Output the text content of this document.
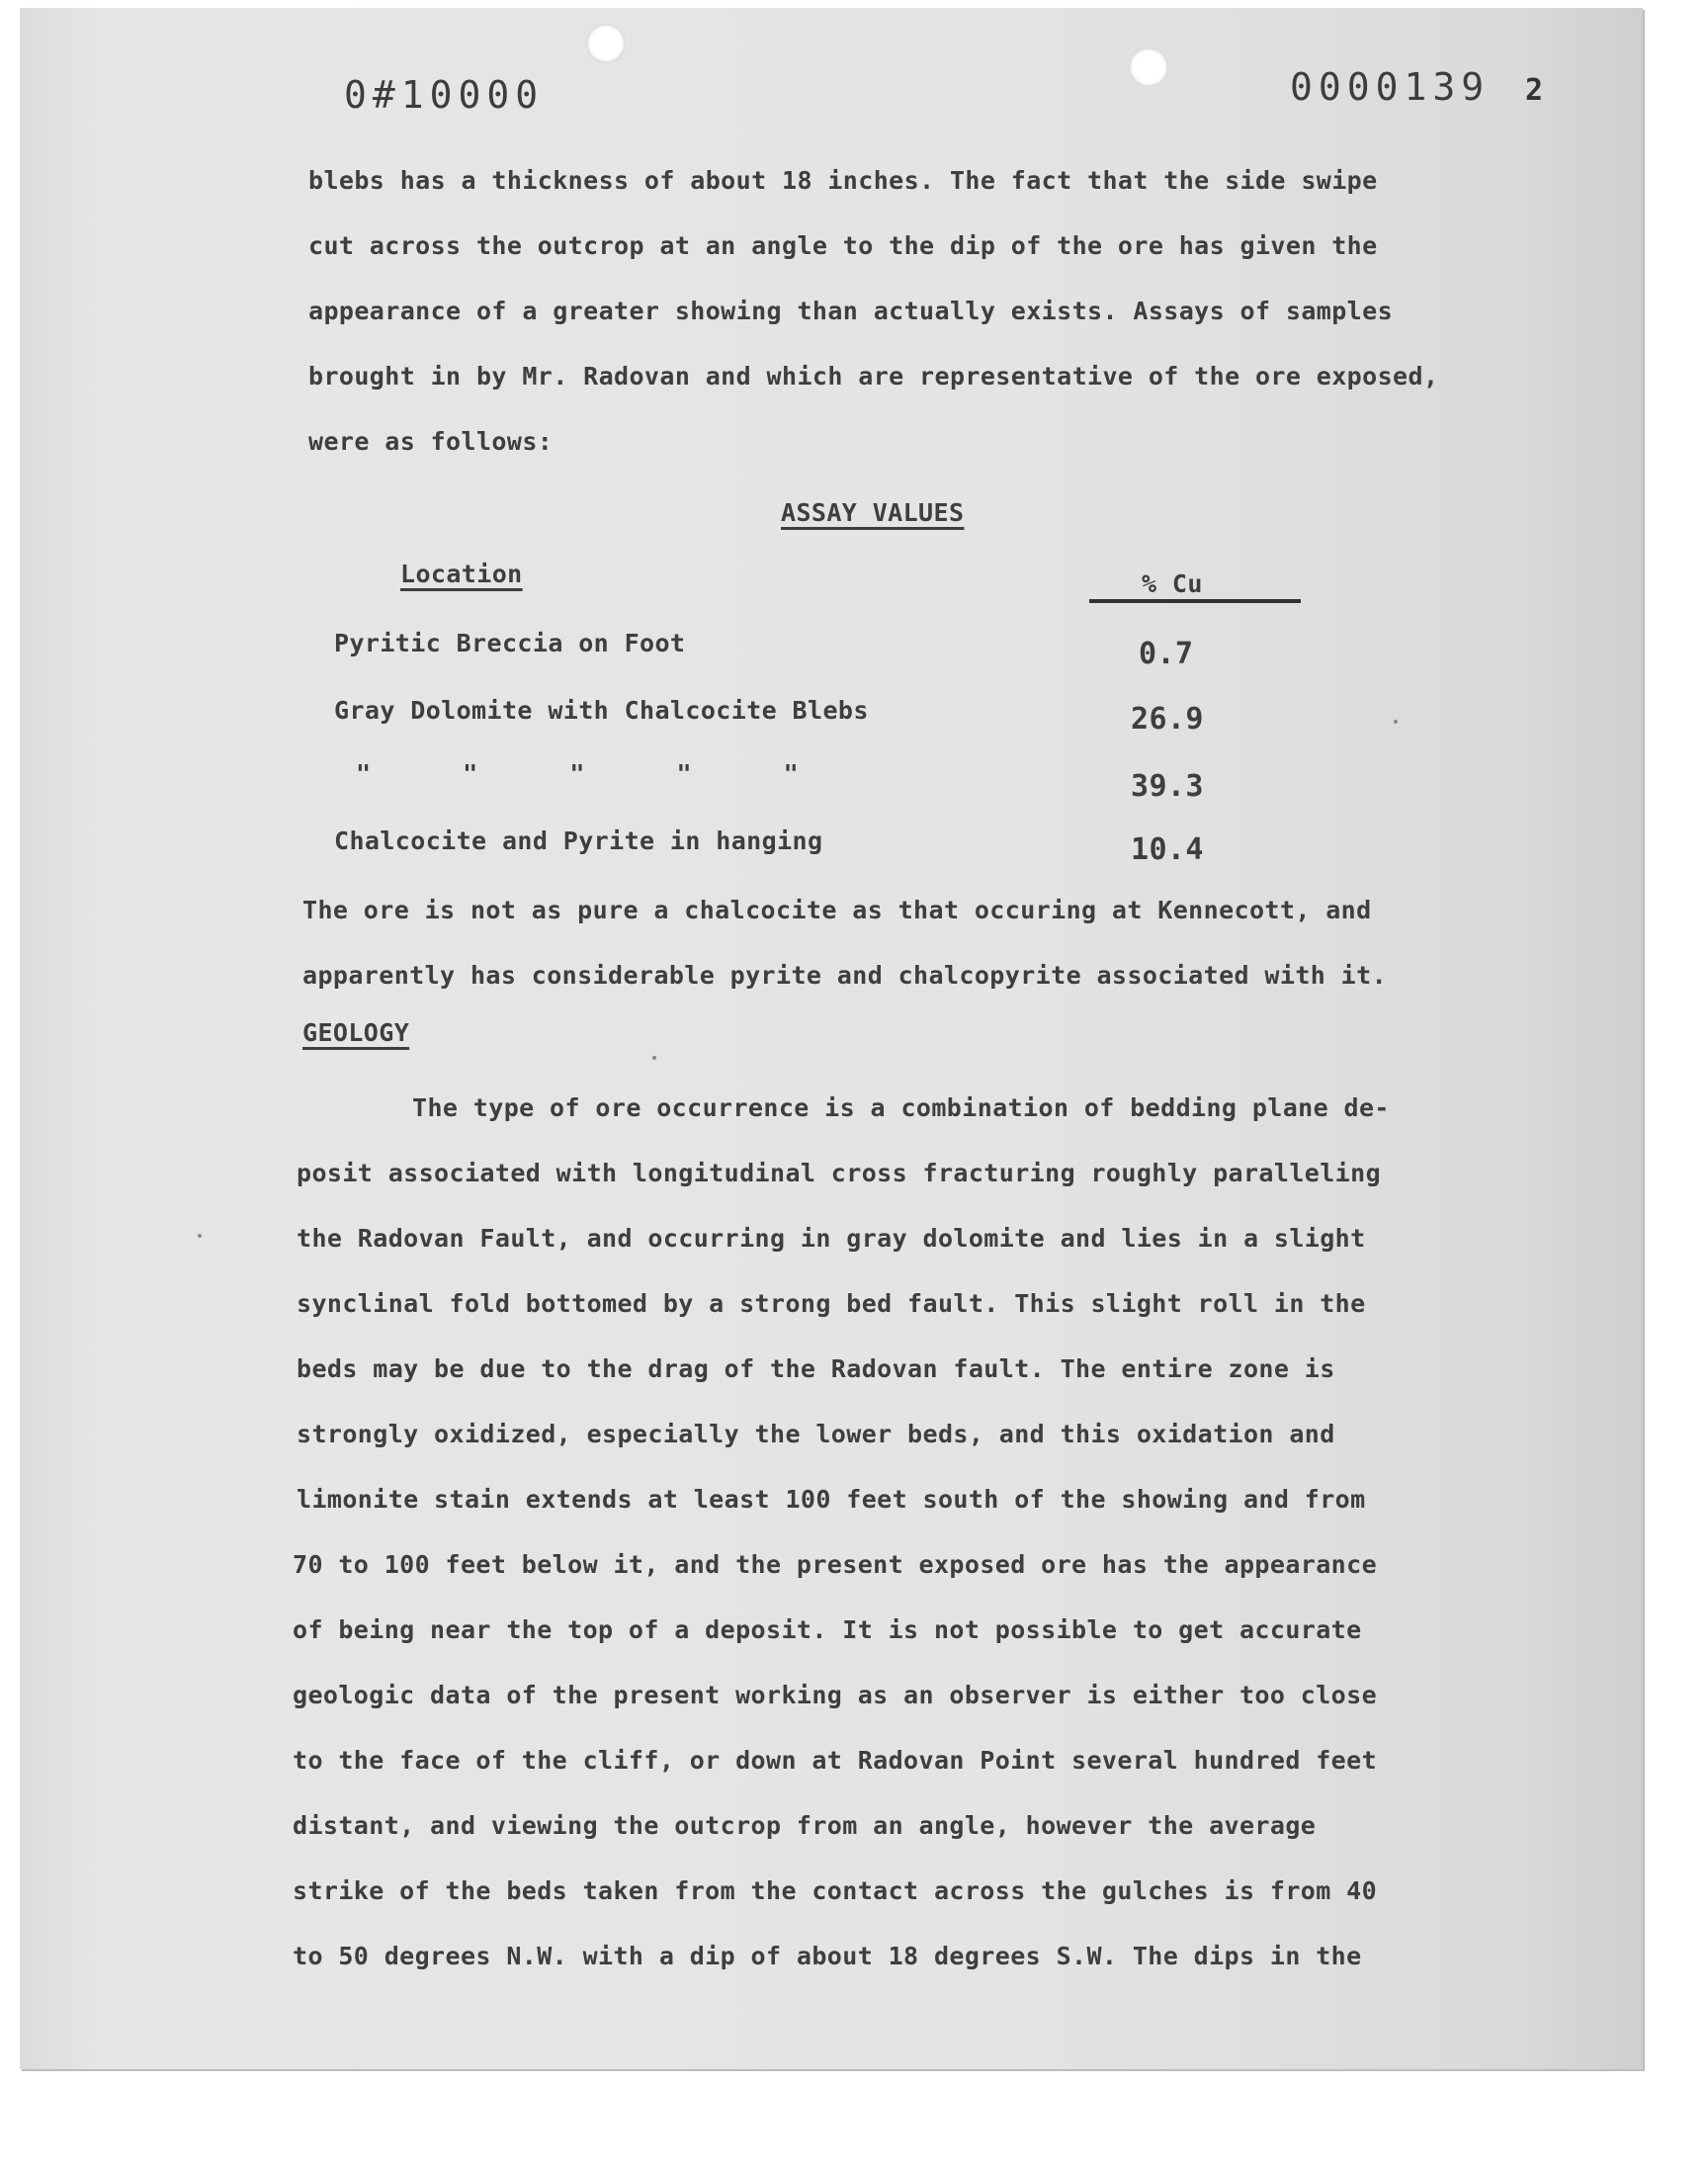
0#10000	0000139 2
blebs has a thickness of about 18 inches. The fact that the side swipe
cut across the outcrop at an angle to the dip of the ore has given the
appearance of a greater showing than actually exists. Assays of samples
brought in by Mr. Radovan and which are representative of the ore exposed,
were as follows:
ASSAY VALUES
Location	% Cu
Pyritic Breccia on Foot	0.7
Gray Dolomite with Chalcocite Blebs	26.9
"      "      "      "      "	39.3
Chalcocite and Pyrite in hanging	10.4
The ore is not as pure a chalcocite as that occuring at Kennecott, and
apparently has considerable pyrite and chalcopyrite associated with it.
GEOLOGY
The type of ore occurrence is a combination of bedding plane de-
posit associated with longitudinal cross fracturing roughly paralleling
the Radovan Fault, and occurring in gray dolomite and lies in a slight
synclinal fold bottomed by a strong bed fault. This slight roll in the
beds may be due to the drag of the Radovan fault. The entire zone is
strongly oxidized, especially the lower beds, and this oxidation and
limonite stain extends at least 100 feet south of the showing and from
70 to 100 feet below it, and the present exposed ore has the appearance
of being near the top of a deposit. It is not possible to get accurate
geologic data of the present working as an observer is either too close
to the face of the cliff, or down at Radovan Point several hundred feet
distant, and viewing the outcrop from an angle, however the average
strike of the beds taken from the contact across the gulches is from 40
to 50 degrees N.W. with a dip of about 18 degrees S.W. The dips in the
